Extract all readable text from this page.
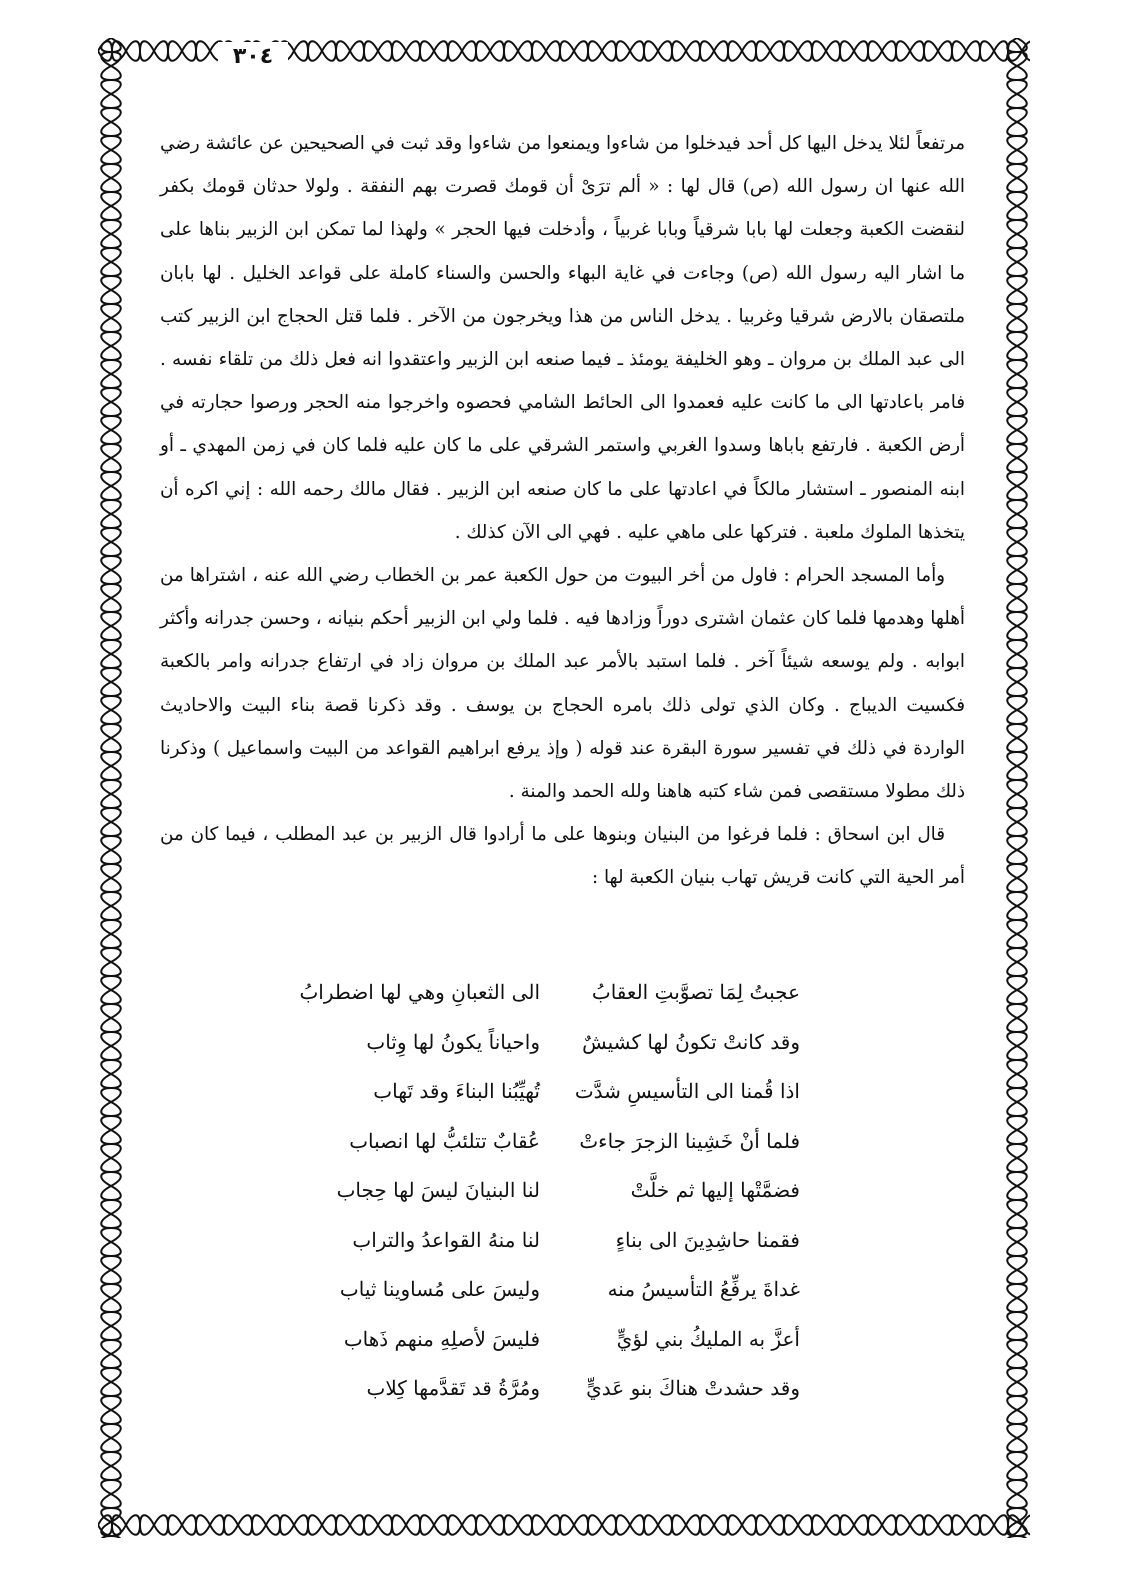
٣٠٤

مرتفعاً لئلا يدخل اليها كل أحد فيدخلوا من شاءوا ويمنعوا من شاءوا وقد ثبت في الصحيحين عن عائشة رضي الله عنها ان رسول الله (ص) قال لها : « ألم ترَىْ أن قومك قصرت بهم النفقة . ولولا حدثان قومك بكفر لنقضت الكعبة وجعلت لها بابا شرقياً وبابا غربياً ، وأدخلت فيها الحجر » ولهذا لما تمكن ابن الزبير بناها على ما اشار اليه رسول الله (ص) وجاءت في غاية البهاء والحسن والسناء كاملة على قواعد الخليل . لها بابان ملتصقان بالارض شرقيا وغربيا . يدخل الناس من هذا ويخرجون من الآخر . فلما قتل الحجاج ابن الزبير كتب الى عبد الملك بن مروان ـ وهو الخليفة يومئذ ـ فيما صنعه ابن الزبير واعتقدوا انه فعل ذلك من تلقاء نفسه . فامر باعادتها الى ما كانت عليه فعمدوا الى الحائط الشامي فحصوه واخرجوا منه الحجر ورصوا حجارته في أرض الكعبة . فارتفع باباها وسدوا الغربي واستمر الشرقي على ما كان عليه فلما كان في زمن المهدي ـ أو ابنه المنصور ـ استشار مالكاً في اعادتها على ما كان صنعه ابن الزبير . فقال مالك رحمه الله : إني اكره أن يتخذها الملوك ملعبة . فتركها على ماهي عليه . فهي الى الآن كذلك .

وأما المسجد الحرام : فاول من أخر البيوت من حول الكعبة عمر بن الخطاب رضي الله عنه ، اشتراها من أهلها وهدمها فلما كان عثمان اشترى دوراً وزادها فيه . فلما ولي ابن الزبير أحكم بنيانه ، وحسن جدرانه وأكثر ابوابه . ولم يوسعه شيئاً آخر . فلما استبد بالأمر عبد الملك بن مروان زاد في ارتفاع جدرانه وامر بالكعبة فكسيت الديباج . وكان الذي تولى ذلك بامره الحجاج بن يوسف . وقد ذكرنا قصة بناء البيت والاحاديث الواردة في ذلك في تفسير سورة البقرة عند قوله ( وإذ يرفع ابراهيم القواعد من البيت واسماعيل ) وذكرنا ذلك مطولا مستقصى فمن شاء كتبه هاهنا ولله الحمد والمنة .

قال ابن اسحاق : فلما فرغوا من البنيان وبنوها على ما أرادوا قال الزبير بن عبد المطلب ، فيما كان من أمر الحية التي كانت قريش تهاب بنيان الكعبة لها :

عجبتُ لِمَا تصوَّبتِ العقابُ
الى الثعبانِ وهي لها اضطرابُ
وقد كانتْ تكونُ لها كشيشٌ
واحياناً يكونُ لها وِثاب
اذا قُمنا الى التأسيسِ شدَّت
تُهيِّبُنا البناءَ وقد تَهاب
فلما أنْ خَشِينا الزجرَ جاءتْ
عُقابٌ تتلئبُّ لها انصباب
فضمَّتْها إليها ثم خلَّتْ
لنا البنيانَ ليسَ لها حِجاب
فقمنا حاشِدِينَ الى بناءٍ
لنا منهُ القواعدُ والتراب
غداةَ يرفِّعُ التأسيسُ منه
وليسَ على مُساوينا ثياب
أعزَّ به المليكُ بني لؤيٍّ
فليسَ لأصلِهِ منهم ذَهاب
وقد حشدتْ هناكَ بنو عَديٍّ
ومُرَّةُ قد تَقدَّمها كِلاب
